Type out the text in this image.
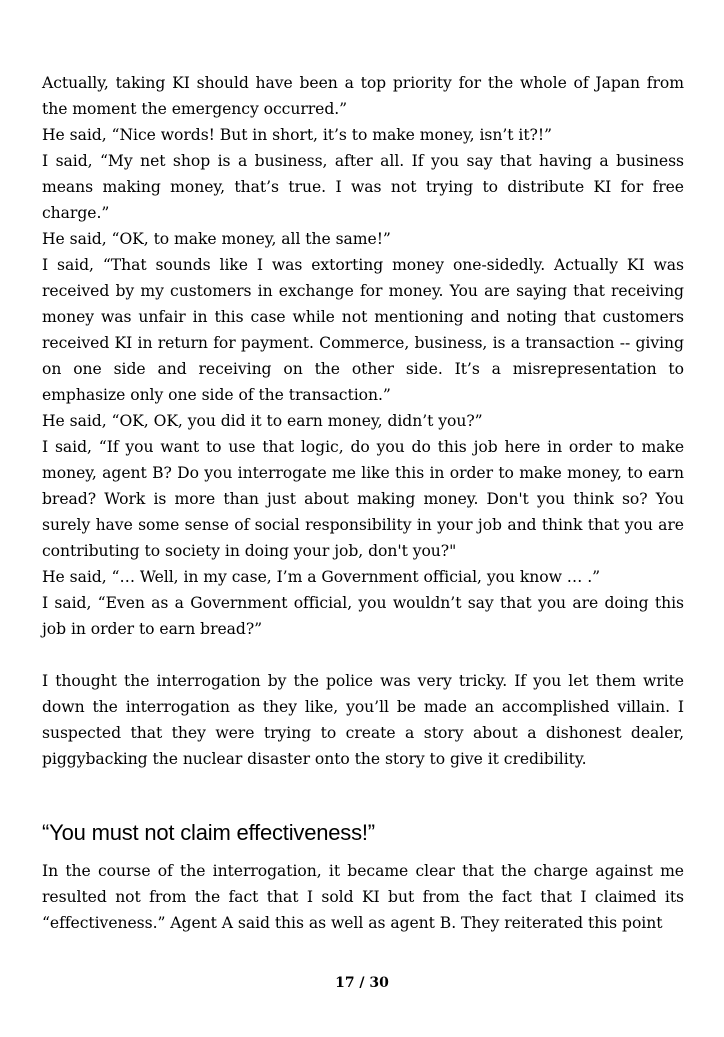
Actually, taking KI should have been a top priority for the whole of Japan from the moment the emergency occurred.”

He said, “Nice words! But in short, it’s to make money, isn’t it?!”

I said, “My net shop is a business, after all. If you say that having a business means making money, that’s true. I was not trying to distribute KI for free charge.”

He said, “OK, to make money, all the same!”

I said, “That sounds like I was extorting money one-sidedly. Actually KI was received by my customers in exchange for money. You are saying that receiving money was unfair in this case while not mentioning and noting that customers received KI in return for payment. Commerce, business, is a transaction -- giving on one side and receiving on the other side. It’s a misrepresentation to emphasize only one side of the transaction.”

He said, “OK, OK, you did it to earn money, didn’t you?”

I said, “If you want to use that logic, do you do this job here in order to make money, agent B? Do you interrogate me like this in order to make money, to earn bread? Work is more than just about making money. Don't you think so? You surely have some sense of social responsibility in your job and think that you are contributing to society in doing your job, don't you?"

He said, “… Well, in my case, I’m a Government official, you know … .”

I said, “Even as a Government official, you wouldn’t say that you are doing this job in order to earn bread?”

I thought the interrogation by the police was very tricky. If you let them write down the interrogation as they like, you’ll be made an accomplished villain. I suspected that they were trying to create a story about a dishonest dealer, piggybacking the nuclear disaster onto the story to give it credibility.

“You must not claim effectiveness!”

In the course of the interrogation, it became clear that the charge against me resulted not from the fact that I sold KI but from the fact that I claimed its “effectiveness.” Agent A said this as well as agent B. They reiterated this point

17 / 30
